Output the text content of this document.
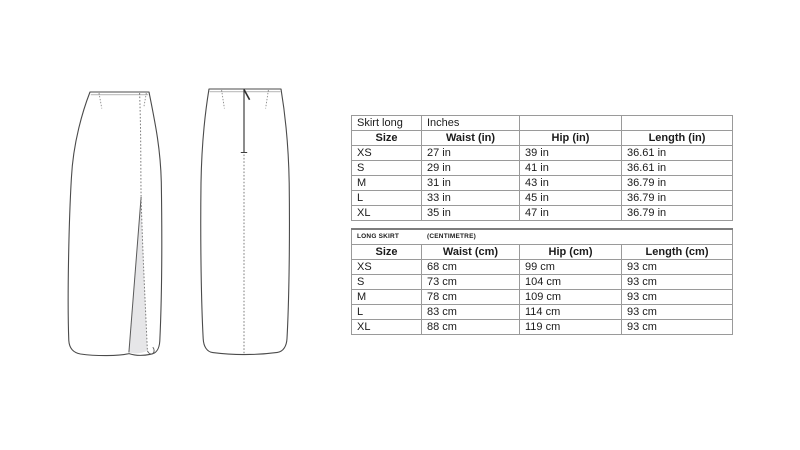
Skirt long	Inches		
Size	Waist (in)	Hip (in)	Length (in)
XS	27 in	39 in	36.61 in
S	29 in	41 in	36.61 in
M	31 in	43 in	36.79 in
L	33 in	45 in	36.79 in
XL	35 in	47 in	36.79 in
LONG SKIRT (CENTIMETRE)			
Size	Waist (cm)	Hip (cm)	Length (cm)
XS	68 cm	99 cm	93 cm
S	73 cm	104 cm	93 cm
M	78 cm	109 cm	93 cm
L	83 cm	114 cm	93 cm
XL	88 cm	119 cm	93 cm
